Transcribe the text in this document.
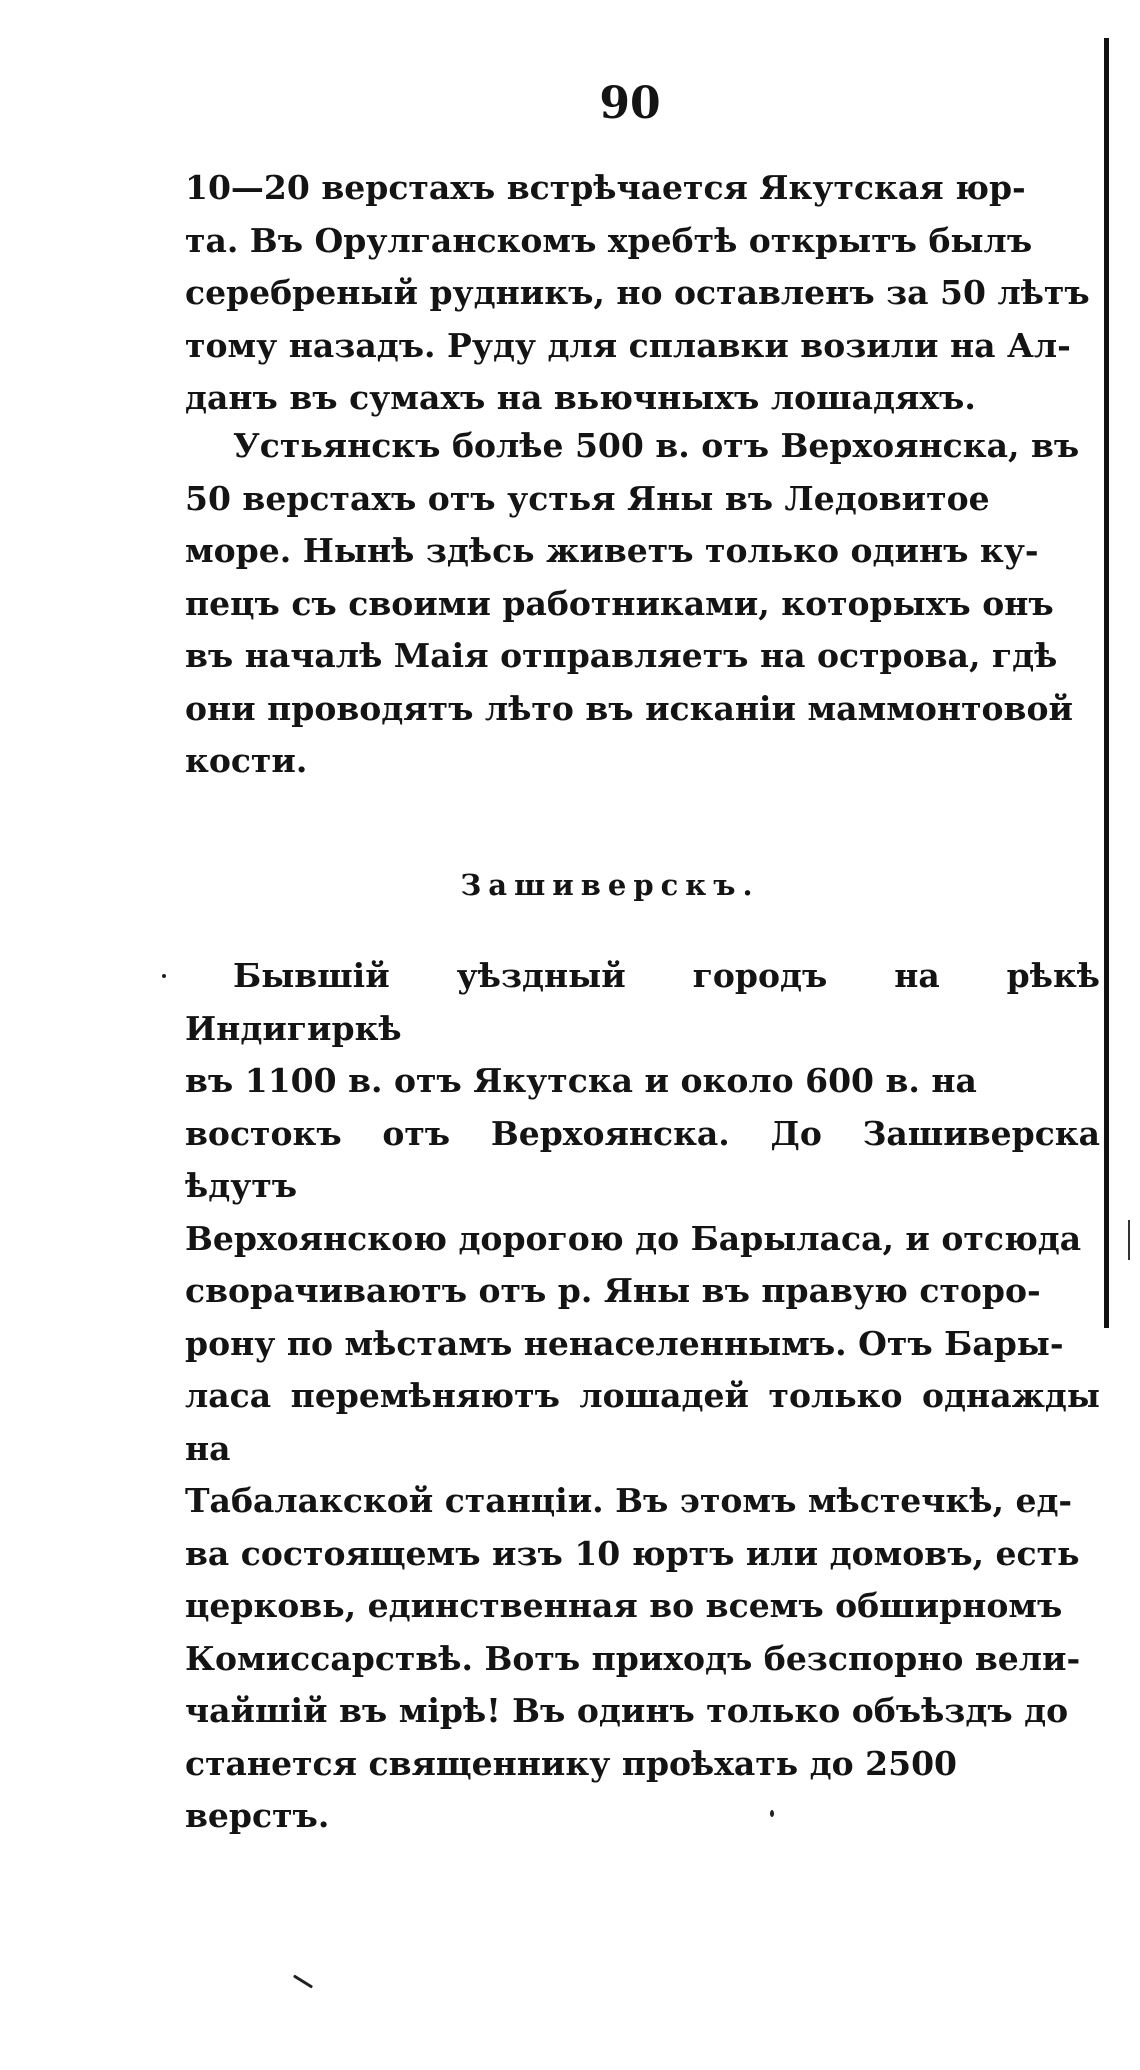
90

10—20 верстахъ встрѣчается Якутская юр-
та. Въ Орулганскомъ хребтѣ открытъ былъ
серебреный рудникъ, но оставленъ за 50 лѣтъ
тому назадъ. Руду для сплавки возили на Ал-
данъ въ сумахъ на вьючныхъ лошадяхъ.

Устьянскъ болѣе 500 в. отъ Верхоянска, въ
50 верстахъ отъ устья Яны въ Ледовитое
море. Нынѣ здѣсь живетъ только одинъ ку-
пецъ съ своими работниками, которыхъ онъ
въ началѣ Маія отправляетъ на острова, гдѣ
они проводятъ лѣто въ исканіи маммонтовой
кости.

Зашиверскъ.

Бывшій уѣздный городъ на рѣкѣ Индигиркѣ
въ 1100 в. отъ Якутска и около 600 в. на
востокъ отъ Верхоянска. До Зашиверска ѣдутъ
Верхоянскою дорогою до Барыласа, и отсюда
сворачиваютъ отъ р. Яны въ правую сторо-
рону по мѣстамъ ненаселеннымъ. Отъ Бары-
ласа перемѣняютъ лошадей только однажды на
Табалакской станціи. Въ этомъ мѣстечкѣ, ед-
ва состоящемъ изъ 10 юртъ или домовъ, есть
церковь, единственная во всемъ обширномъ
Комиссарствѣ. Вотъ приходъ безспорно вели-
чайшій въ мірѣ! Въ одинъ только объѣздъ до
станется священнику проѣхать до 2500
верстъ.
